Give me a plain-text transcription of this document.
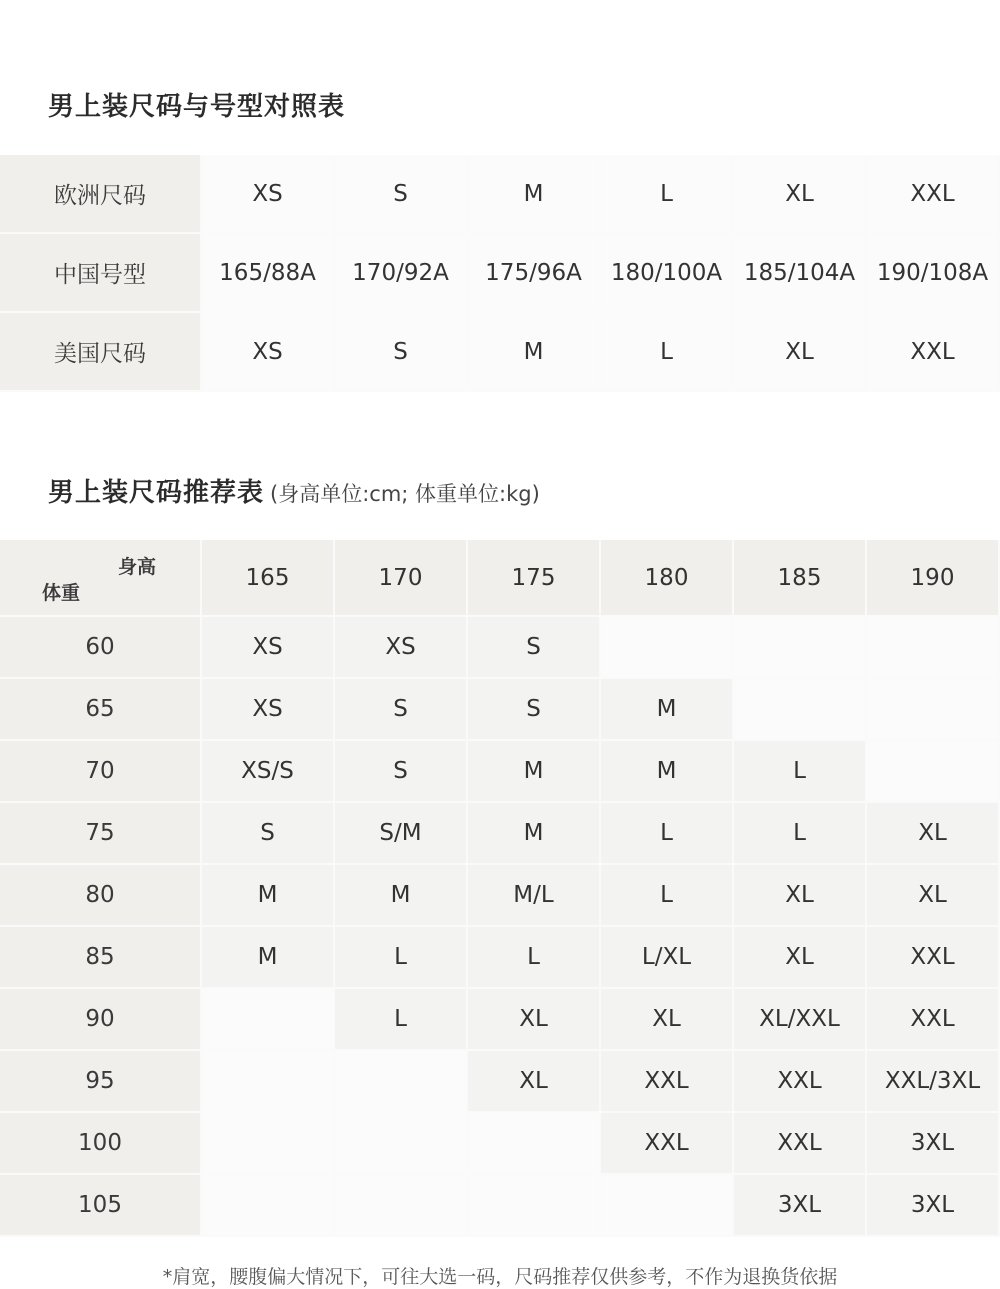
男上装尺码与号型对照表
欧洲尺码	XS	S	M	L	XL	XXL
中国号型	165/88A	170/92A	175/96A	180/100A	185/104A	190/108A
美国尺码	XS	S	M	L	XL	XXL
男上装尺码推荐表 (身高单位:cm; 体重单位:kg)
身高
体重	165	170	175	180	185	190
60	XS	XS	S			
65	XS	S	S	M		
70	XS/S	S	M	M	L	
75	S	S/M	M	L	L	XL
80	M	M	M/L	L	XL	XL
85	M	L	L	L/XL	XL	XXL
90		L	XL	XL	XL/XXL	XXL
95			XL	XXL	XXL	XXL/3XL
100				XXL	XXL	3XL
105					3XL	3XL
*肩宽，腰腹偏大情况下，可往大选一码，尺码推荐仅供参考，不作为退换货依据
